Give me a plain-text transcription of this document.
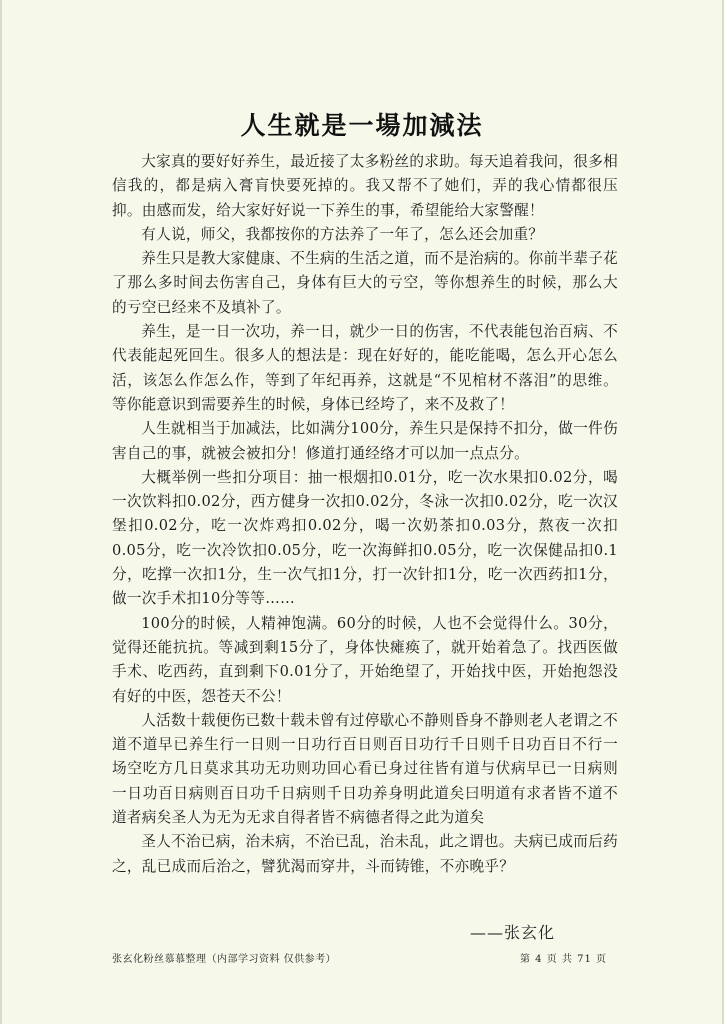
人生就是一場加減法

大家真的要好好养生，最近接了太多粉丝的求助。每天追着我问，很多相信我的，都是病入膏肓快要死掉的。我又帮不了她们，弄的我心情都很压抑。由感而发，给大家好好说一下养生的事，希望能给大家警醒！

有人说，师父，我都按你的方法养了一年了，怎么还会加重？

养生只是教大家健康、不生病的生活之道，而不是治病的。你前半辈子花了那么多时间去伤害自己，身体有巨大的亏空，等你想养生的时候，那么大的亏空已经来不及填补了。

养生，是一日一次功，养一日，就少一日的伤害，不代表能包治百病、不代表能起死回生。很多人的想法是：现在好好的，能吃能喝，怎么开心怎么活，该怎么作怎么作，等到了年纪再养，这就是“不见棺材不落泪”的思维。等你能意识到需要养生的时候，身体已经垮了，来不及救了！

人生就相当于加减法，比如满分100分，养生只是保持不扣分，做一件伤害自己的事，就被会被扣分！修道打通经络才可以加一点点分。

大概举例一些扣分项目：抽一根烟扣0.01分，吃一次水果扣0.02分，喝一次饮料扣0.02分，西方健身一次扣0.02分，冬泳一次扣0.02分，吃一次汉堡扣0.02分，吃一次炸鸡扣0.02分，喝一次奶茶扣0.03分，熬夜一次扣0.05分，吃一次冷饮扣0.05分，吃一次海鲜扣0.05分，吃一次保健品扣0.1分，吃撑一次扣1分，生一次气扣1分，打一次针扣1分，吃一次西药扣1分，做一次手术扣10分等等……

100分的时候，人精神饱满。60分的时候，人也不会觉得什么。30分，觉得还能抗抗。等减到剩15分了，身体快瘫痪了，就开始着急了。找西医做手术、吃西药，直到剩下0.01分了，开始绝望了，开始找中医，开始抱怨没有好的中医，怨苍天不公！

人活数十载便伤已数十载未曾有过停歇心不静则昏身不静则老人老谓之不道不道早已养生行一日则一日功行百日则百日功行千日则千日功百日不行一场空吃方几日莫求其功无功则功回心看已身过往皆有道与伏病早已一日病则一日功百日病则百日功千日病则千日功养身明此道矣曰明道有求者皆不道不道者病矣圣人为无为无求自得者皆不病德者得之此为道矣

圣人不治已病，治未病，不治已乱，治未乱，此之谓也。夫病已成而后药之，乱已成而后治之，譬犹渴而穿井，斗而铸锥，不亦晚乎？

——张玄化
张玄化粉丝慕慕整理（内部学习资料 仅供参考）	第 4 页 共 71 页
